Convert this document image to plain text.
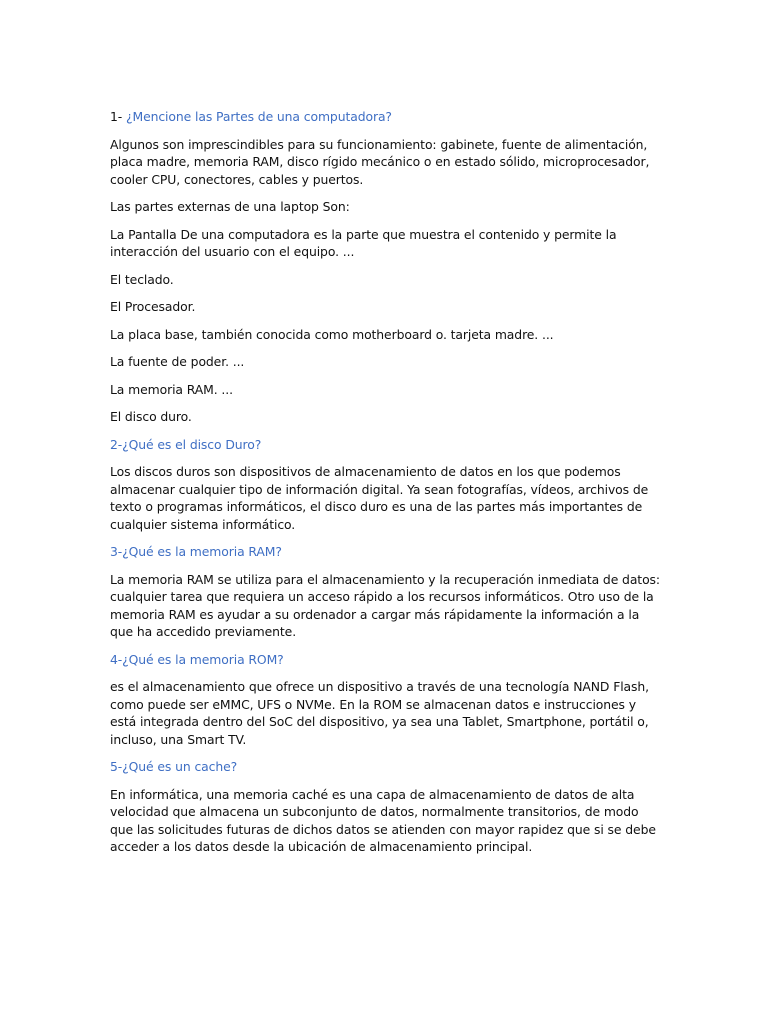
1- ¿Mencione las Partes de una computadora?

Algunos son imprescindibles para su funcionamiento: gabinete, fuente de alimentación, placa madre, memoria RAM, disco rígido mecánico o en estado sólido, microprocesador, cooler CPU, conectores, cables y puertos.

Las partes externas de una laptop Son:

La Pantalla De una computadora es la parte que muestra el contenido y permite la interacción del usuario con el equipo. ...

El teclado.

El Procesador.

La placa base, también conocida como motherboard o. tarjeta madre. ...

La fuente de poder. ...

La memoria RAM. ...

El disco duro.

2-¿Qué es el disco Duro?

Los discos duros son dispositivos de almacenamiento de datos en los que podemos almacenar cualquier tipo de información digital. Ya sean fotografías, vídeos, archivos de texto o programas informáticos, el disco duro es una de las partes más importantes de cualquier sistema informático.

3-¿Qué es la memoria RAM?

La memoria RAM se utiliza para el almacenamiento y la recuperación inmediata de datos: cualquier tarea que requiera un acceso rápido a los recursos informáticos. Otro uso de la memoria RAM es ayudar a su ordenador a cargar más rápidamente la información a la que ha accedido previamente.

4-¿Qué es la memoria ROM?

es el almacenamiento que ofrece un dispositivo a través de una tecnología NAND Flash, como puede ser eMMC, UFS o NVMe. En la ROM se almacenan datos e instrucciones y está integrada dentro del SoC del dispositivo, ya sea una Tablet, Smartphone, portátil o, incluso, una Smart TV.

5-¿Qué es un cache?

En informática, una memoria caché es una capa de almacenamiento de datos de alta velocidad que almacena un subconjunto de datos, normalmente transitorios, de modo que las solicitudes futuras de dichos datos se atienden con mayor rapidez que si se debe acceder a los datos desde la ubicación de almacenamiento principal.
